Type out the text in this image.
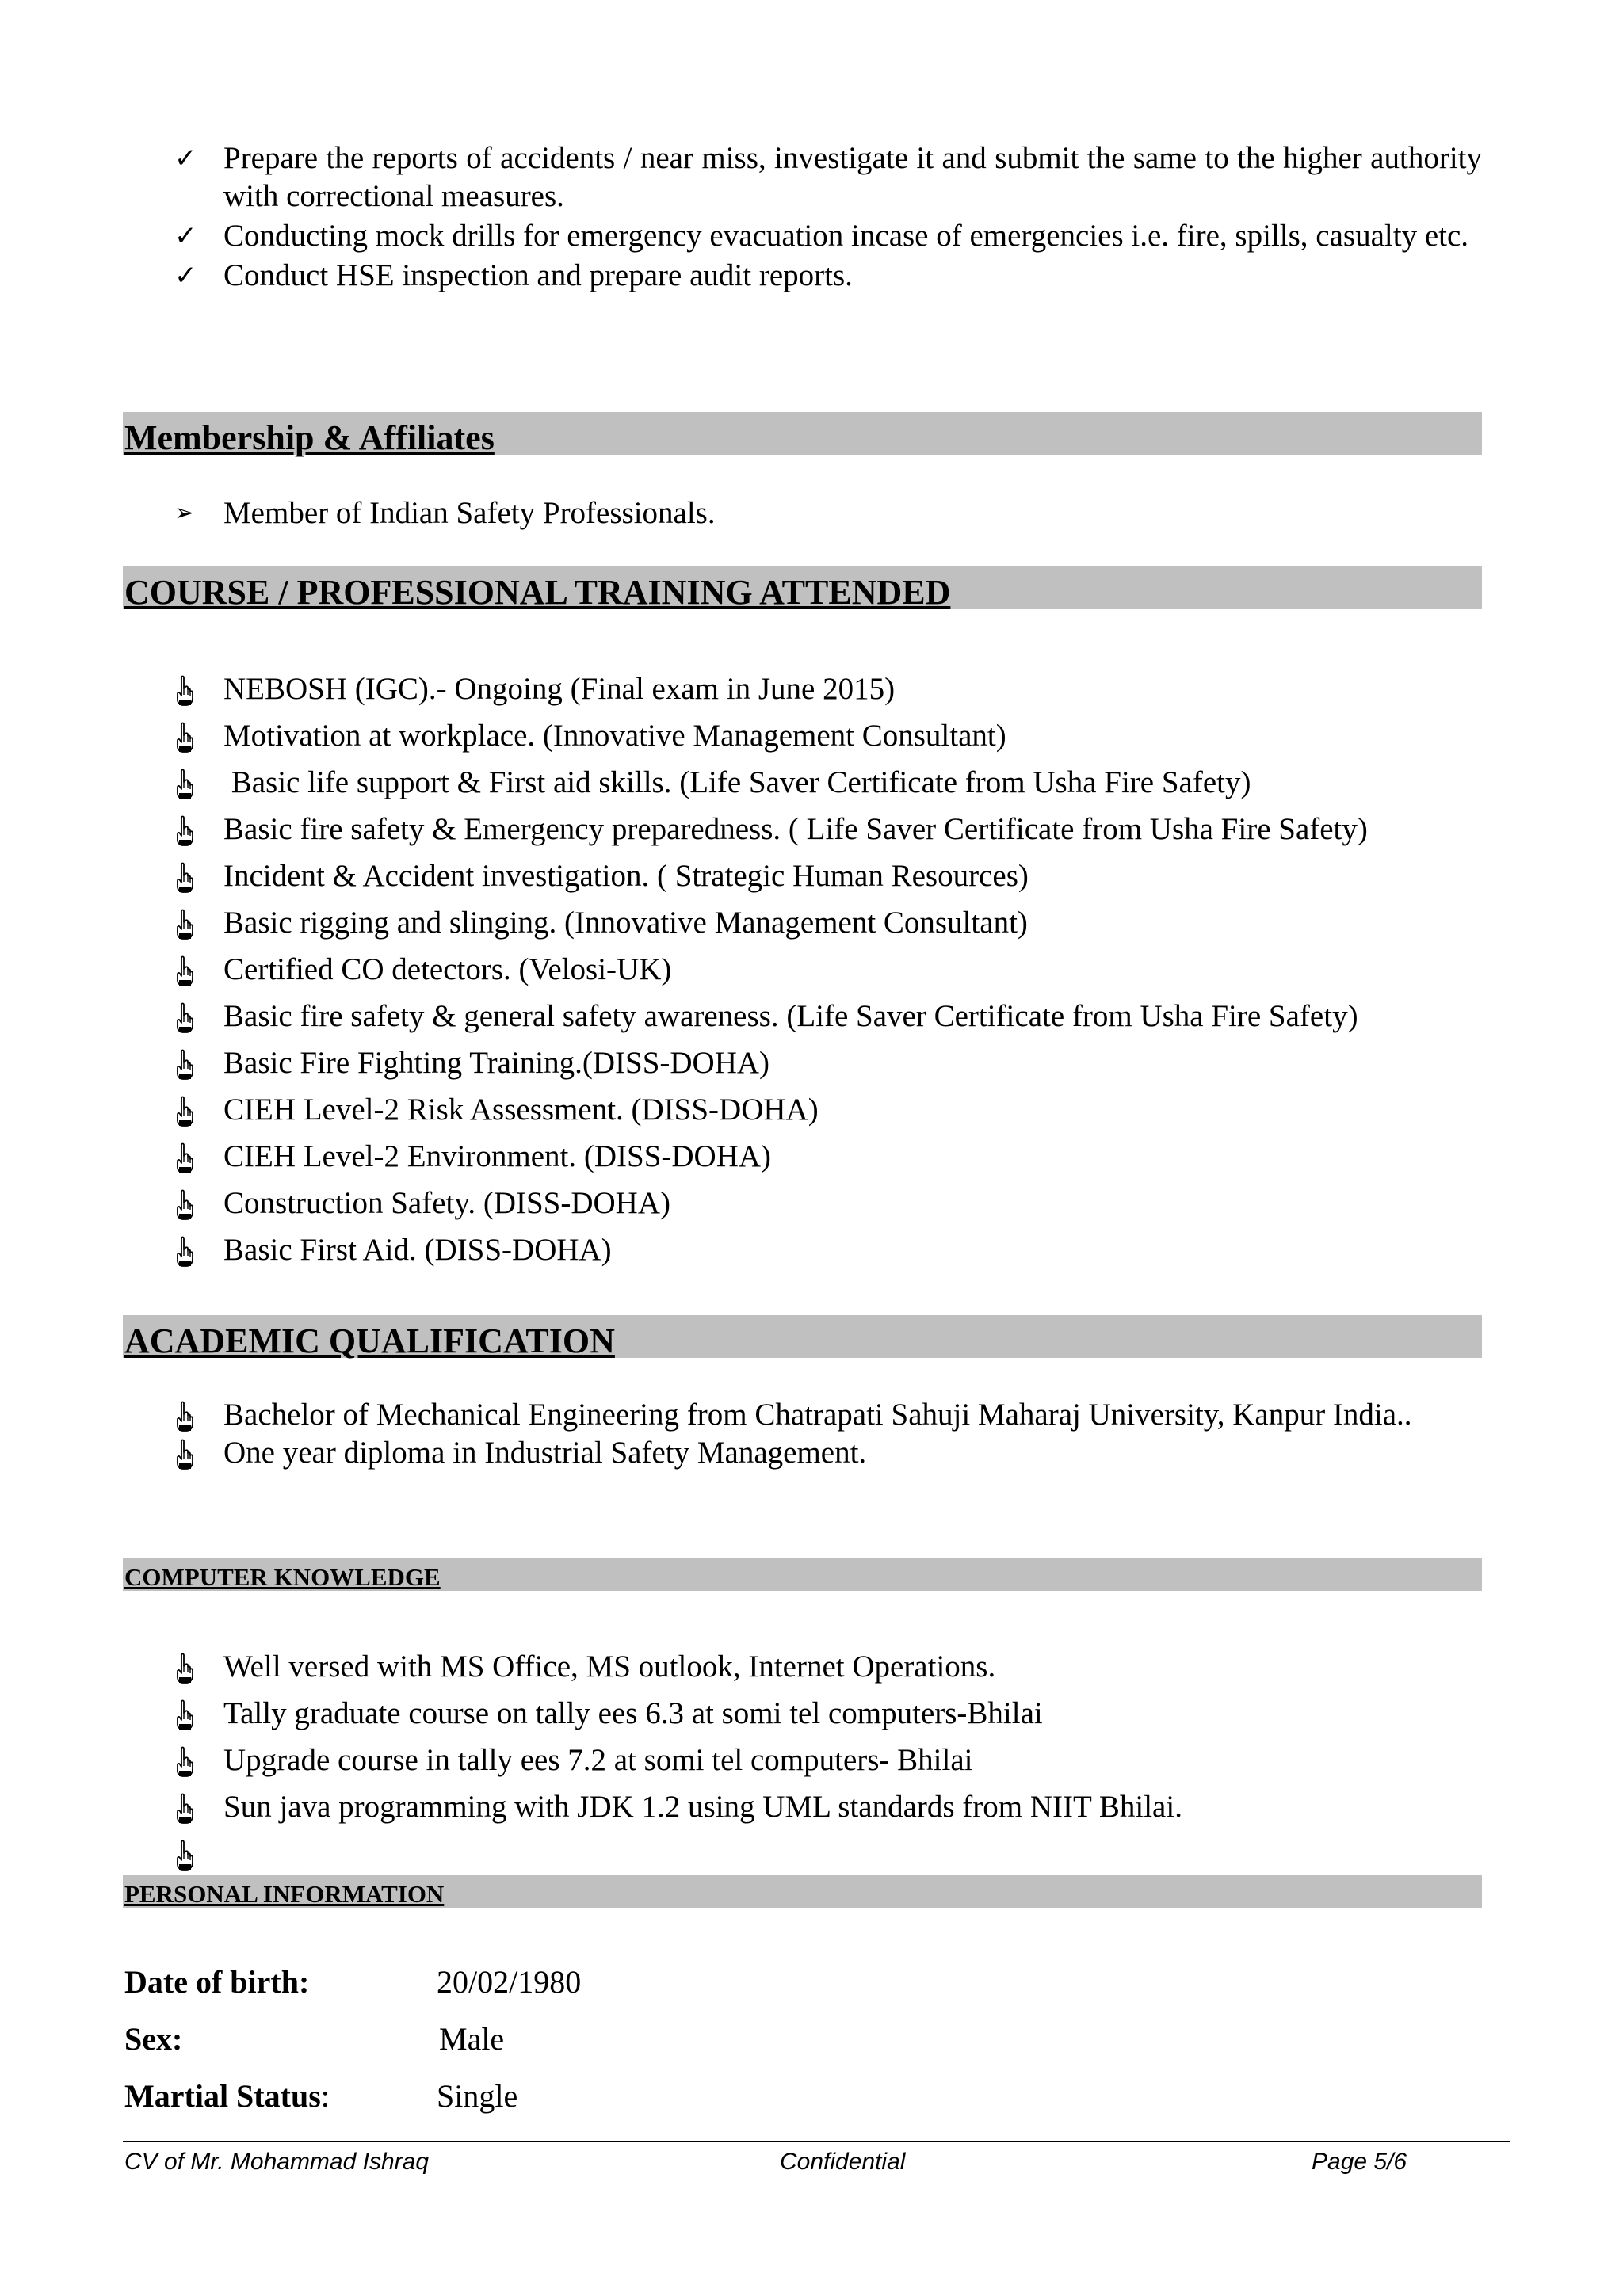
✓ Prepare the reports of accidents / near miss, investigate it and submit the same to the higher authority with correctional measures.
✓ Conducting mock drills for emergency evacuation incase of emergencies i.e. fire, spills, casualty etc.
✓ Conduct HSE inspection and prepare audit reports.
Membership & Affiliates
➢ Member of Indian Safety Professionals.
COURSE / PROFESSIONAL TRAINING ATTENDED
NEBOSH (IGC).- Ongoing (Final exam in June 2015)
Motivation at workplace. (Innovative Management Consultant)
Basic life support & First aid skills. (Life Saver Certificate from Usha Fire Safety)
Basic fire safety & Emergency preparedness. ( Life Saver Certificate from Usha Fire Safety)
Incident & Accident investigation. ( Strategic Human Resources)
Basic rigging and slinging. (Innovative Management Consultant)
Certified CO detectors. (Velosi-UK)
Basic fire safety & general safety awareness. (Life Saver Certificate from Usha Fire Safety)
Basic Fire Fighting Training.(DISS-DOHA)
CIEH Level-2 Risk Assessment. (DISS-DOHA)
CIEH Level-2 Environment. (DISS-DOHA)
Construction Safety. (DISS-DOHA)
Basic First Aid. (DISS-DOHA)
ACADEMIC QUALIFICATION
Bachelor of Mechanical Engineering from Chatrapati Sahuji Maharaj University, Kanpur India..
One year diploma in Industrial Safety Management.
COMPUTER KNOWLEDGE
Well versed with MS Office, MS outlook, Internet Operations.
Tally graduate course on tally ees 6.3 at somi tel computers-Bhilai
Upgrade course in tally ees 7.2 at somi tel computers- Bhilai
Sun java programming with JDK 1.2 using UML standards from NIIT Bhilai.
PERSONAL INFORMATION
Date of birth:	20/02/1980
Sex:	Male
Martial Status:	Single
CV of Mr. Mohammad Ishraq	Confidential	Page 5/6
